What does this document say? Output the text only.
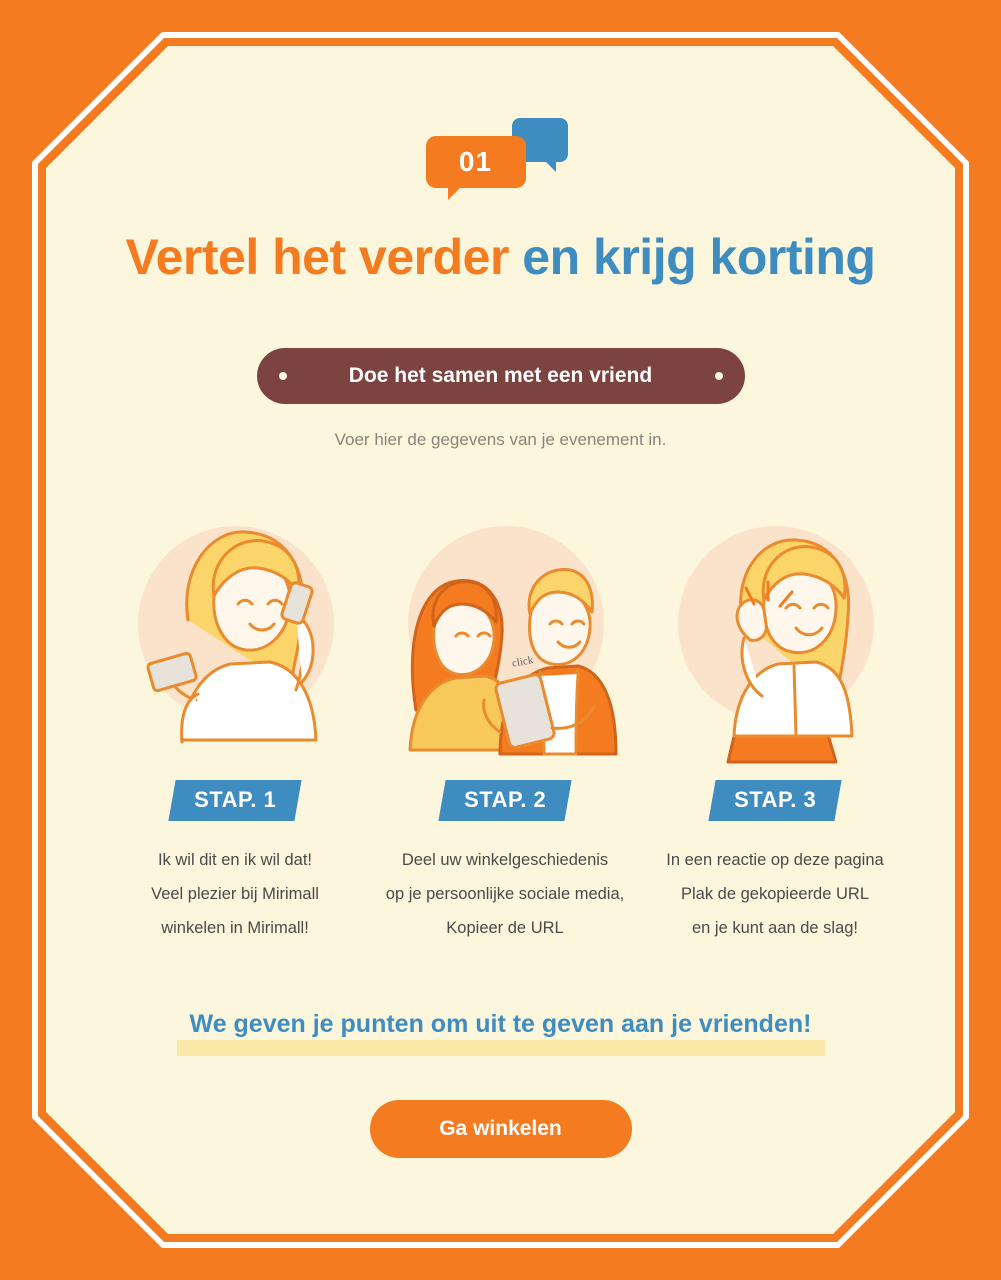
01
Vertel het verder en krijg korting
Doe het samen met een vriend
Voer hier de gegevens van je evenement in.
STAP. 1
Ik wil dit en ik wil dat!
Veel plezier bij Mirimall
winkelen in Mirimall!
click
STAP. 2
Deel uw winkelgeschiedenis
op je persoonlijke sociale media,
Kopieer de URL
STAP. 3
In een reactie op deze pagina
Plak de gekopieerde URL
en je kunt aan de slag!
We geven je punten om uit te geven aan je vrienden!
Ga winkelen
